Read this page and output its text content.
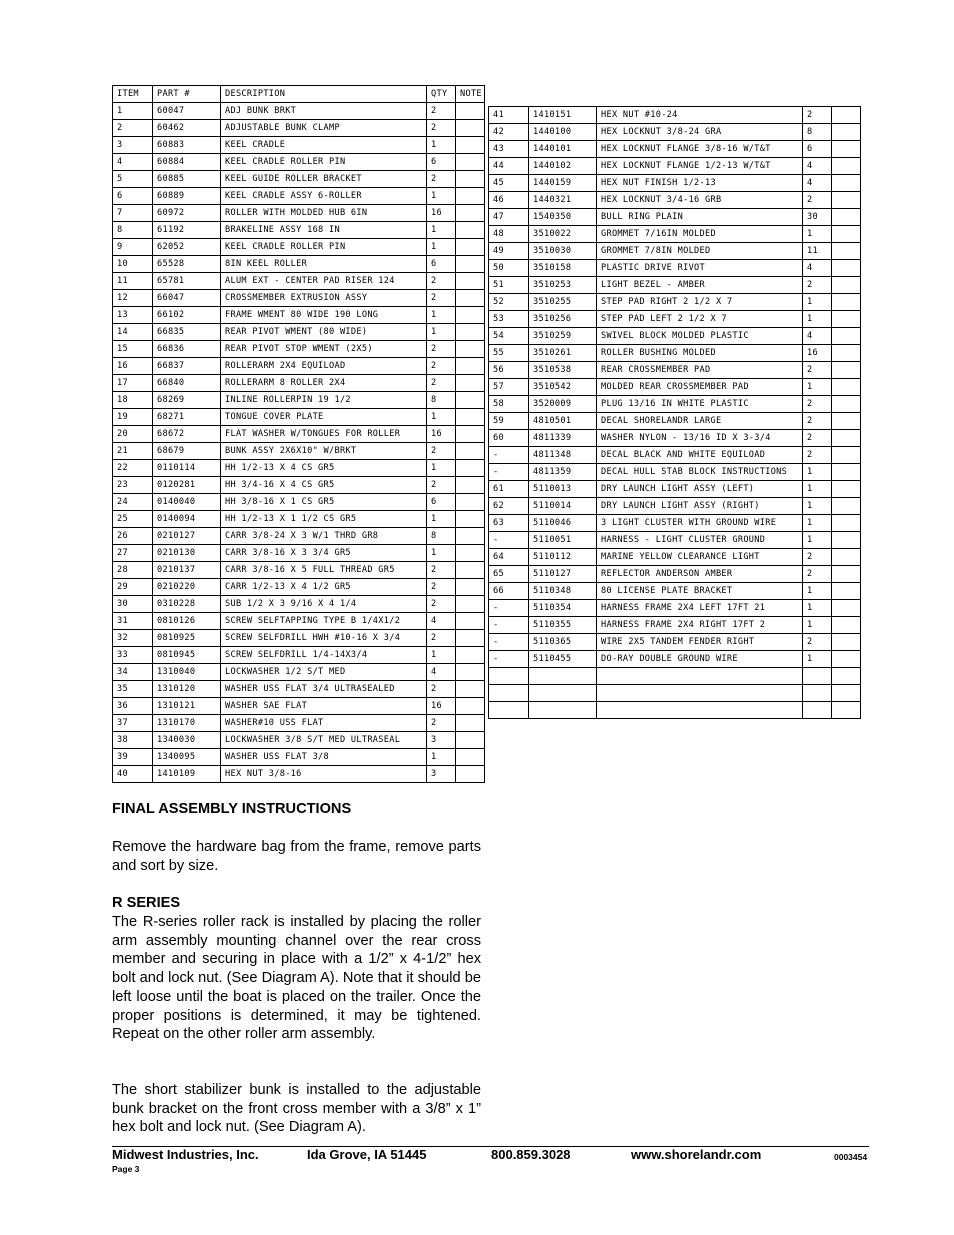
ITEM	PART #	DESCRIPTION	QTY	NOTE
1	60047	ADJ BUNK BRKT	2	
2	60462	ADJUSTABLE BUNK CLAMP	2	
3	60883	KEEL CRADLE	1	
4	60884	KEEL CRADLE ROLLER PIN	6	
5	60885	KEEL GUIDE ROLLER BRACKET	2	
6	60889	KEEL CRADLE ASSY 6-ROLLER	1	
7	60972	ROLLER WITH MOLDED HUB 6IN	16	
8	61192	BRAKELINE ASSY 168 IN	1	
9	62052	KEEL CRADLE ROLLER PIN	1	
10	65528	8IN KEEL ROLLER	6	
11	65781	ALUM EXT - CENTER PAD RISER 124	2	
12	66047	CROSSMEMBER EXTRUSION ASSY	2	
13	66102	FRAME WMENT 80 WIDE 190 LONG	1	
14	66835	REAR PIVOT WMENT (80 WIDE)	1	
15	66836	REAR PIVOT STOP WMENT (2X5)	2	
16	66837	ROLLERARM 2X4 EQUILOAD	2	
17	66840	ROLLERARM 8 ROLLER 2X4	2	
18	68269	INLINE ROLLERPIN 19 1/2	8	
19	68271	TONGUE COVER PLATE	1	
20	68672	FLAT WASHER W/TONGUES FOR ROLLER	16	
21	68679	BUNK ASSY 2X6X10" W/BRKT	2	
22	0110114	HH 1/2-13 X 4 CS GR5	1	
23	0120281	HH 3/4-16 X 4 CS GR5	2	
24	0140040	HH 3/8-16 X 1 CS GR5	6	
25	0140094	HH 1/2-13 X 1 1/2 CS GR5	1	
26	0210127	CARR 3/8-24 X 3 W/1 THRD GR8	8	
27	0210130	CARR 3/8-16 X 3 3/4 GR5	1	
28	0210137	CARR 3/8-16 X 5 FULL THREAD GR5	2	
29	0210220	CARR 1/2-13 X 4 1/2 GR5	2	
30	0310228	SUB 1/2 X 3 9/16 X 4 1/4	2	
31	0810126	SCREW SELFTAPPING TYPE B 1/4X1/2	4	
32	0810925	SCREW SELFDRILL HWH #10-16 X 3/4	2	
33	0810945	SCREW SELFDRILL 1/4-14X3/4	1	
34	1310040	LOCKWASHER 1/2 S/T MED	4	
35	1310120	WASHER USS FLAT 3/4 ULTRASEALED	2	
36	1310121	WASHER SAE FLAT	16	
37	1310170	WASHER#10 USS FLAT	2	
38	1340030	LOCKWASHER 3/8 S/T MED ULTRASEAL	3	
39	1340095	WASHER USS FLAT 3/8	1	
40	1410109	HEX NUT 3/8-16	3	
41	1410151	HEX NUT #10-24	2	
42	1440100	HEX LOCKNUT 3/8-24 GRA	8	
43	1440101	HEX LOCKNUT FLANGE 3/8-16 W/T&T	6	
44	1440102	HEX LOCKNUT FLANGE 1/2-13 W/T&T	4	
45	1440159	HEX NUT FINISH 1/2-13	4	
46	1440321	HEX LOCKNUT 3/4-16 GRB	2	
47	1540350	BULL RING PLAIN	30	
48	3510022	GROMMET 7/16IN MOLDED	1	
49	3510030	GROMMET 7/8IN MOLDED	11	
50	3510158	PLASTIC DRIVE RIVOT	4	
51	3510253	LIGHT BEZEL - AMBER	2	
52	3510255	STEP PAD RIGHT 2 1/2 X 7	1	
53	3510256	STEP PAD LEFT 2 1/2 X 7	1	
54	3510259	SWIVEL BLOCK MOLDED PLASTIC	4	
55	3510261	ROLLER BUSHING MOLDED	16	
56	3510538	REAR CROSSMEMBER PAD	2	
57	3510542	MOLDED REAR CROSSMEMBER PAD	1	
58	3520009	PLUG 13/16 IN WHITE PLASTIC	2	
59	4810501	DECAL SHORELANDR LARGE	2	
60	4811339	WASHER NYLON - 13/16 ID X 3-3/4	2	
-	4811348	DECAL BLACK AND WHITE EQUILOAD	2	
-	4811359	DECAL HULL STAB BLOCK INSTRUCTIONS	1	
61	5110013	DRY LAUNCH LIGHT ASSY (LEFT)	1	
62	5110014	DRY LAUNCH LIGHT ASSY (RIGHT)	1	
63	5110046	3 LIGHT CLUSTER WITH GROUND WIRE	1	
-	5110051	HARNESS - LIGHT CLUSTER GROUND	1	
64	5110112	MARINE YELLOW CLEARANCE LIGHT	2	
65	5110127	REFLECTOR ANDERSON AMBER	2	
66	5110348	80 LICENSE PLATE BRACKET	1	
-	5110354	HARNESS FRAME 2X4 LEFT 17FT 21	1	
-	5110355	HARNESS FRAME 2X4 RIGHT 17FT 2	1	
-	5110365	WIRE 2X5 TANDEM FENDER RIGHT	2	
-	5110455	DO-RAY DOUBLE GROUND WIRE	1	

FINAL ASSEMBLY INSTRUCTIONS
Remove the hardware bag from the frame, remove parts and sort by size.
R SERIES
The R-series roller rack is installed by placing the roller arm assembly mounting channel over the rear cross member and securing in place with a 1/2” x 4-1/2” hex bolt and lock nut. (See Diagram A). Note that it should be left loose until the boat is placed on the trailer. Once the proper positions is determined, it may be tightened. Repeat on the other roller arm assembly.
The short stabilizer bunk is installed to the adjustable bunk bracket on the front cross member with a 3/8” x 1” hex bolt and lock nut. (See Diagram A).
Midwest Industries, Inc.	Ida Grove, IA 51445	800.859.3028	www.shorelandr.com	0003454
Page 3
